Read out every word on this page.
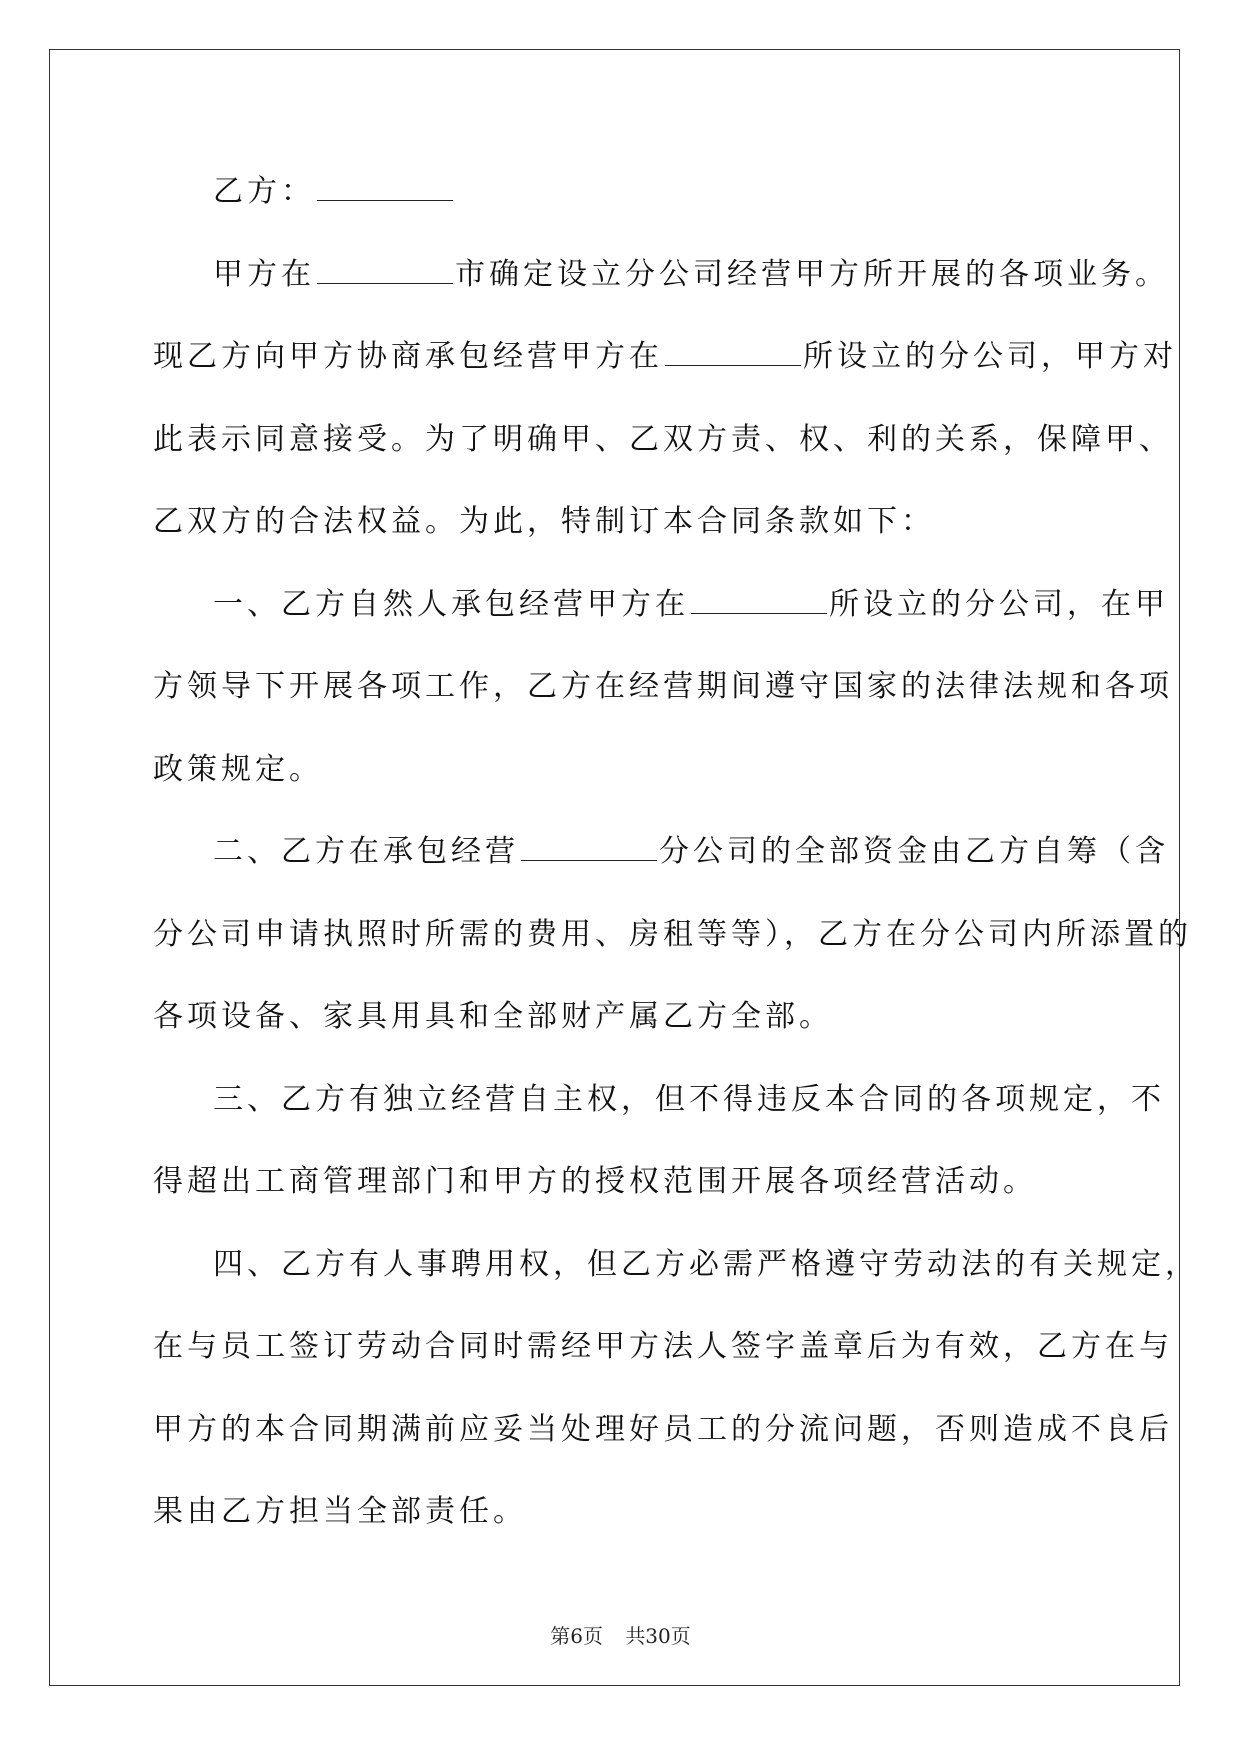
乙方：
甲方在	市确定设立分公司经营甲方所开展的各项业务。
现乙方向甲方协商承包经营甲方在	所设立的分公司，甲方对
此表示同意接受。为了明确甲、乙双方责、权、利的关系，保障甲、
乙双方的合法权益。为此，特制订本合同条款如下：
一、乙方自然人承包经营甲方在	所设立的分公司，在甲
方领导下开展各项工作，乙方在经营期间遵守国家的法律法规和各项
政策规定。
二、乙方在承包经营	分公司的全部资金由乙方自筹（含
分公司申请执照时所需的费用、房租等等），乙方在分公司内所添置的
各项设备、家具用具和全部财产属乙方全部。
三、乙方有独立经营自主权，但不得违反本合同的各项规定，不
得超出工商管理部门和甲方的授权范围开展各项经营活动。
四、乙方有人事聘用权，但乙方必需严格遵守劳动法的有关规定，
在与员工签订劳动合同时需经甲方法人签字盖章后为有效，乙方在与
甲方的本合同期满前应妥当处理好员工的分流问题，否则造成不良后
果由乙方担当全部责任。
第6页 共30页
